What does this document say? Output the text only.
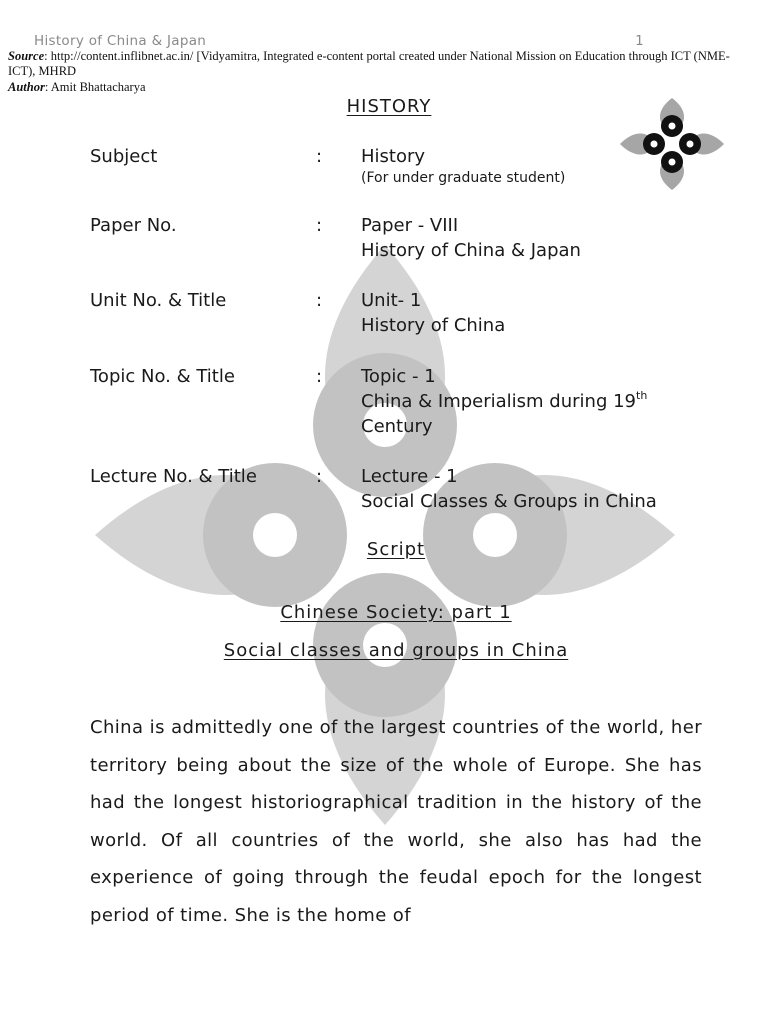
History of China & Japan	1
Source: http://content.inflibnet.ac.in/ [Vidyamitra, Integrated e-content portal created under National Mission on Education through ICT (NME-ICT), MHRD
Author: Amit Bhattacharya
HISTORY
Subject	: History
(For under graduate student)
Paper No.	: Paper - VIII
History of China & Japan
Unit No. & Title	: Unit- 1
History of China
Topic No. & Title	: Topic - 1
China & Imperialism during 19th
Century
Lecture No. & Title	: Lecture - 1
Social Classes & Groups in China
Script
Chinese Society: part 1
Social classes and groups in China
China is admittedly one of the largest countries of the world, her territory being about the size of the whole of Europe. She has had the longest historiographical tradition in the history of the world. Of all countries of the world, she also has had the experience of going through the feudal epoch for the longest period of time. She is the home of
